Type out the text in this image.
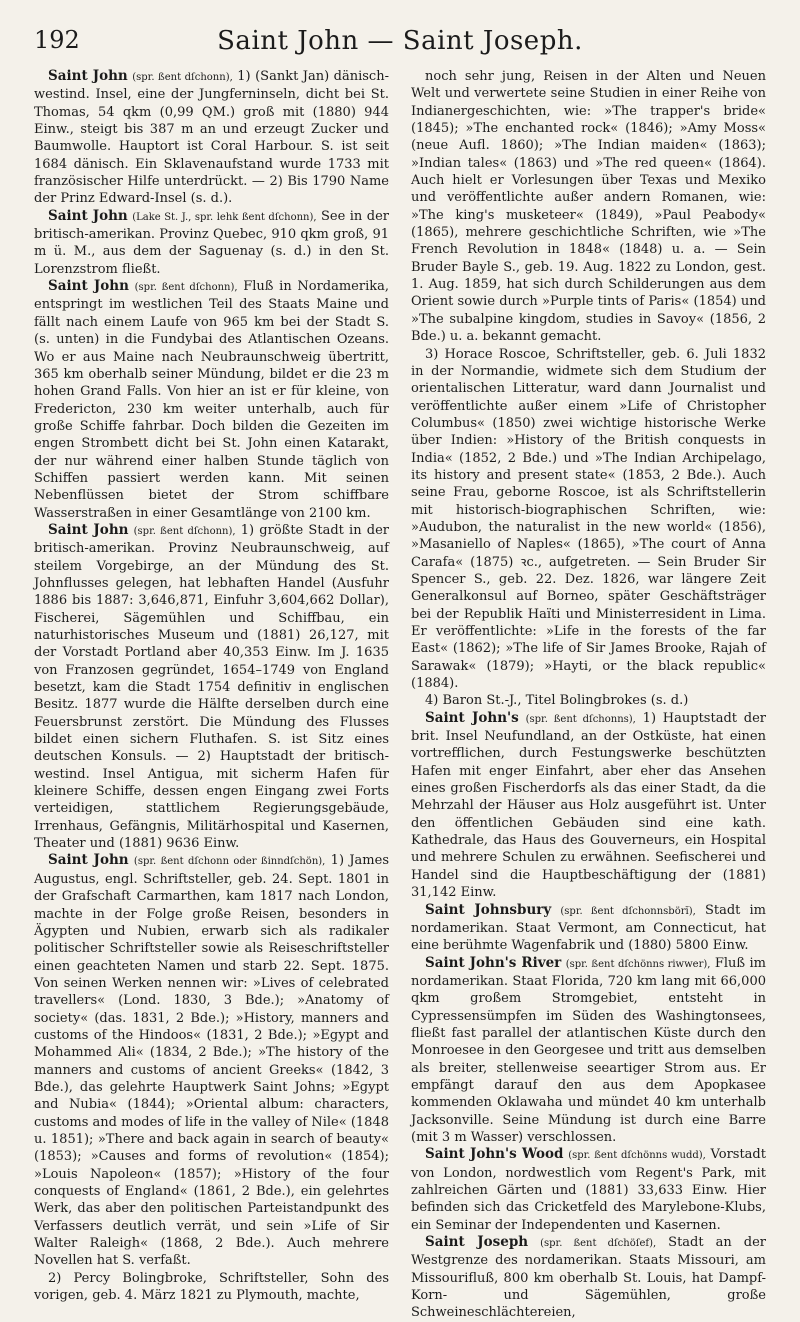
192	Saint John — Saint Joseph.

Saint John (spr. ßent dſchonn), 1) (Sankt Jan) dänisch-westind. Insel, eine der Jungferninseln, dicht bei St. Thomas, 54 qkm (0,99 QM.) groß mit (1880) 944 Einw., steigt bis 387 m an und erzeugt Zucker und Baumwolle. Hauptort ist Coral Harbour. S. ist seit 1684 dänisch. Ein Sklavenaufstand wurde 1733 mit französischer Hilfe unterdrückt. — 2) Bis 1790 Name der Prinz Edward-Insel (s. d.).

Saint John (Lake St. J., spr. lehk ßent dſchonn), See in der britisch-amerikan. Provinz Quebec, 910 qkm groß, 91 m ü. M., aus dem der Saguenay (s. d.) in den St. Lorenzstrom fließt.

Saint John (spr. ßent dſchonn), Fluß in Nordamerika, entspringt im westlichen Teil des Staats Maine und fällt nach einem Laufe von 965 km bei der Stadt S. (s. unten) in die Fundybai des Atlantischen Ozeans. Wo er aus Maine nach Neubraunschweig übertritt, 365 km oberhalb seiner Mündung, bildet er die 23 m hohen Grand Falls. Von hier an ist er für kleine, von Fredericton, 230 km weiter unterhalb, auch für große Schiffe fahrbar. Doch bilden die Gezeiten im engen Strombett dicht bei St. John einen Katarakt, der nur während einer halben Stunde täglich von Schiffen passiert werden kann. Mit seinen Nebenflüssen bietet der Strom schiffbare Wasserstraßen in einer Gesamtlänge von 2100 km.

Saint John (spr. ßent dſchonn), 1) größte Stadt in der britisch-amerikan. Provinz Neubraunschweig, auf steilem Vorgebirge, an der Mündung des St. Johnflusses gelegen, hat lebhaften Handel (Ausfuhr 1886 bis 1887: 3,646,871, Einfuhr 3,604,662 Dollar), Fischerei, Sägemühlen und Schiffbau, ein naturhistorisches Museum und (1881) 26,127, mit der Vorstadt Portland aber 40,353 Einw. Im J. 1635 von Franzosen gegründet, 1654–1749 von England besetzt, kam die Stadt 1754 definitiv in englischen Besitz. 1877 wurde die Hälfte derselben durch eine Feuersbrunst zerstört. Die Mündung des Flusses bildet einen sichern Fluthafen. S. ist Sitz eines deutschen Konsuls. — 2) Hauptstadt der britisch-westind. Insel Antigua, mit sicherm Hafen für kleinere Schiffe, dessen engen Eingang zwei Forts verteidigen, stattlichem Regierungsgebäude, Irrenhaus, Gefängnis, Militärhospital und Kasernen, Theater und (1881) 9636 Einw.

Saint John (spr. ßent dſchonn oder ßinndſchön), 1) James Augustus, engl. Schriftsteller, geb. 24. Sept. 1801 in der Grafschaft Carmarthen, kam 1817 nach London, machte in der Folge große Reisen, besonders in Ägypten und Nubien, erwarb sich als radikaler politischer Schriftsteller sowie als Reiseschriftsteller einen geachteten Namen und starb 22. Sept. 1875. Von seinen Werken nennen wir: »Lives of celebrated travellers« (Lond. 1830, 3 Bde.); »Anatomy of society« (das. 1831, 2 Bde.); »History, manners and customs of the Hindoos« (1831, 2 Bde.); »Egypt and Mohammed Ali« (1834, 2 Bde.); »The history of the manners and customs of ancient Greeks« (1842, 3 Bde.), das gelehrte Hauptwerk Saint Johns; »Egypt and Nubia« (1844); »Oriental album: characters, customs and modes of life in the valley of Nile« (1848 u. 1851); »There and back again in search of beauty« (1853); »Causes and forms of revolution« (1854); »Louis Napoleon« (1857); »History of the four conquests of England« (1861, 2 Bde.), ein gelehrtes Werk, das aber den politischen Parteistandpunkt des Verfassers deutlich verrät, und sein »Life of Sir Walter Raleigh« (1868, 2 Bde.). Auch mehrere Novellen hat S. verfaßt.

2) Percy Bolingbroke, Schriftsteller, Sohn des vorigen, geb. 4. März 1821 zu Plymouth, machte,

noch sehr jung, Reisen in der Alten und Neuen Welt und verwertete seine Studien in einer Reihe von Indianergeschichten, wie: »The trapper's bride« (1845); »The enchanted rock« (1846); »Amy Moss« (neue Aufl. 1860); »The Indian maiden« (1863); »Indian tales« (1863) und »The red queen« (1864). Auch hielt er Vorlesungen über Texas und Mexiko und veröffentlichte außer andern Romanen, wie: »The king's musketeer« (1849), »Paul Peabody« (1865), mehrere geschichtliche Schriften, wie »The French Revolution in 1848« (1848) u. a. — Sein Bruder Bayle S., geb. 19. Aug. 1822 zu London, gest. 1. Aug. 1859, hat sich durch Schilderungen aus dem Orient sowie durch »Purple tints of Paris« (1854) und »The subalpine kingdom, studies in Savoy« (1856, 2 Bde.) u. a. bekannt gemacht.

3) Horace Roscoe, Schriftsteller, geb. 6. Juli 1832 in der Normandie, widmete sich dem Studium der orientalischen Litteratur, ward dann Journalist und veröffentlichte außer einem »Life of Christopher Columbus« (1850) zwei wichtige historische Werke über Indien: »History of the British conquests in India« (1852, 2 Bde.) und »The Indian Archipelago, its history and present state« (1853, 2 Bde.). Auch seine Frau, geborne Roscoe, ist als Schriftstellerin mit historisch-biographischen Schriften, wie: »Audubon, the naturalist in the new world« (1856), »Masaniello of Naples« (1865), »The court of Anna Carafa« (1875) ꝛc., aufgetreten. — Sein Bruder Sir Spencer S., geb. 22. Dez. 1826, war längere Zeit Generalkonsul auf Borneo, später Geschäftsträger bei der Republik Haïti und Ministerresident in Lima. Er veröffentlichte: »Life in the forests of the far East« (1862); »The life of Sir James Brooke, Rajah of Sarawak« (1879); »Hayti, or the black republic« (1884).

4) Baron St.-J., Titel Bolingbrokes (s. d.)

Saint John's (spr. ßent dſchonns), 1) Hauptstadt der brit. Insel Neufundland, an der Ostküste, hat einen vortrefflichen, durch Festungswerke beschützten Hafen mit enger Einfahrt, aber eher das Ansehen eines großen Fischerdorfs als das einer Stadt, da die Mehrzahl der Häuser aus Holz ausgeführt ist. Unter den öffentlichen Gebäuden sind eine kath. Kathedrale, das Haus des Gouverneurs, ein Hospital und mehrere Schulen zu erwähnen. Seefischerei und Handel sind die Hauptbeschäftigung der (1881) 31,142 Einw.

Saint Johnsbury (spr. ßent dſchonnsbörĭ), Stadt im nordamerikan. Staat Vermont, am Connecticut, hat eine berühmte Wagenfabrik und (1880) 5800 Einw.

Saint John's River (spr. ßent dſchönns riwwer), Fluß im nordamerikan. Staat Florida, 720 km lang mit 66,000 qkm großem Stromgebiet, entsteht in Cypressensümpfen im Süden des Washingtonsees, fließt fast parallel der atlantischen Küste durch den Monroesee in den Georgesee und tritt aus demselben als breiter, stellenweise seeartiger Strom aus. Er empfängt darauf den aus dem Apopkasee kommenden Oklawaha und mündet 40 km unterhalb Jacksonville. Seine Mündung ist durch eine Barre (mit 3 m Wasser) verschlossen.

Saint John's Wood (spr. ßent dſchönns wudd), Vorstadt von London, nordwestlich vom Regent's Park, mit zahlreichen Gärten und (1881) 33,633 Einw. Hier befinden sich das Cricketfeld des Marylebone-Klubs, ein Seminar der Independenten und Kasernen.

Saint Joseph (spr. ßent dſchöſef), Stadt an der Westgrenze des nordamerikan. Staats Missouri, am Missourifluß, 800 km oberhalb St. Louis, hat Dampf-Korn- und Sägemühlen, große Schweineschlächtereien,
